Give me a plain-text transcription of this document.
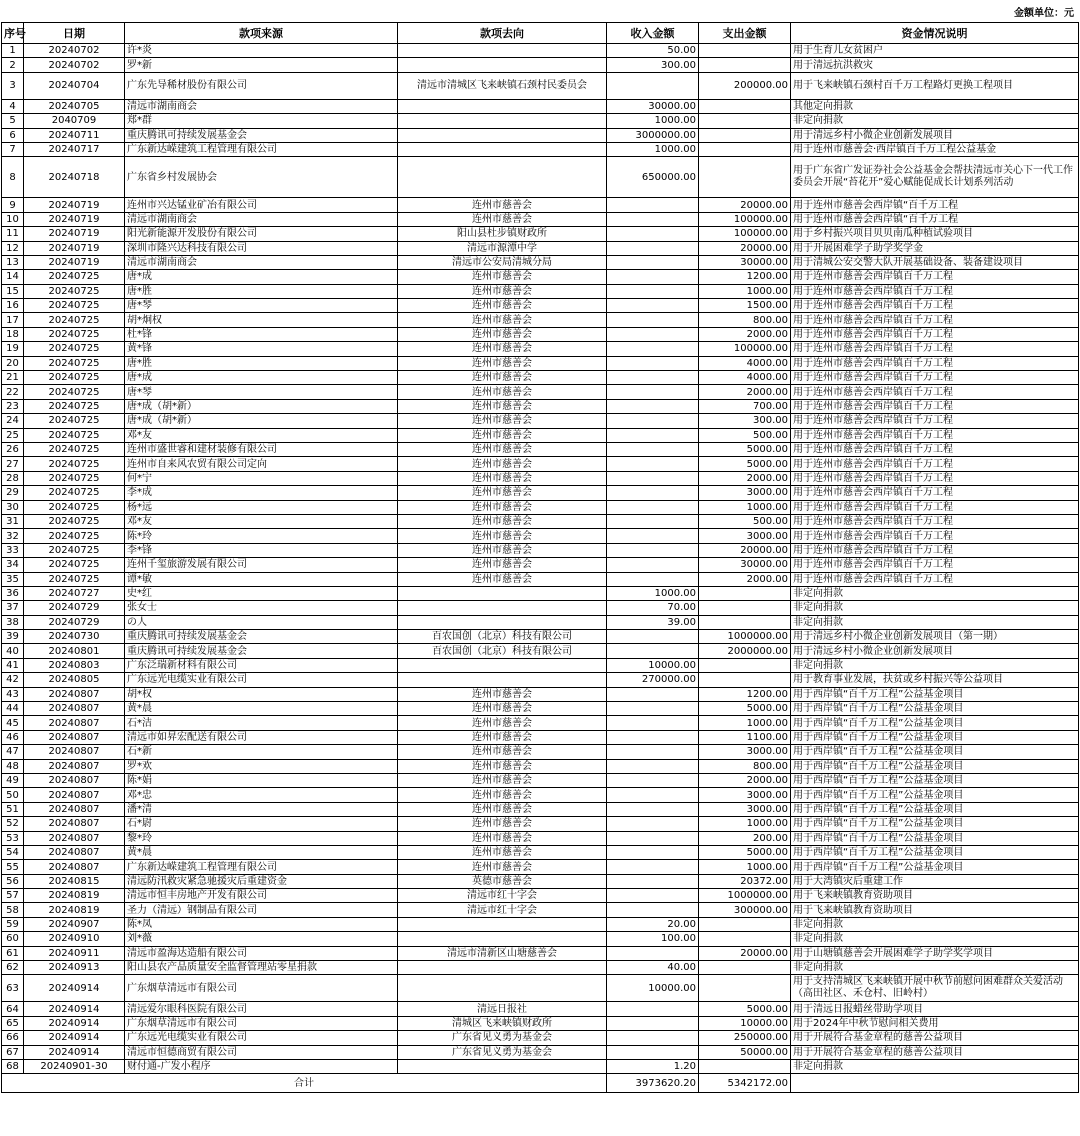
金额单位：元
序号	日期	款项来源	款项去向	收入金额	支出金额	资金情况说明
1	20240702	许*炎		50.00		用于生育儿女贫困户
2	20240702	罗*新		300.00		用于清远抗洪救灾
3	20240704	广东先导稀材股份有限公司	清远市清城区飞来峡镇石颈村民委员会		200000.00	用于飞来峡镇石颈村百千万工程路灯更换工程项目
4	20240705	清远市湖南商会		30000.00		其他定向捐款
5	2040709	郑*群		1000.00		非定向捐款
6	20240711	重庆腾讯可持续发展基金会		3000000.00		用于清远乡村小微企业创新发展项目
7	20240717	广东新达嵘建筑工程管理有限公司		1000.00		用于连州市慈善会·西岸镇百千万工程公益基金
8	20240718	广东省乡村发展协会		650000.00		用于广东省广发证券社会公益基金会帮扶清远市关心下一代工作委员会开展“苔花开”爱心赋能促成长计划系列活动
9	20240719	连州市兴达锰业矿冶有限公司	连州市慈善会		20000.00	用于连州市慈善会西岸镇“百千万工程
10	20240719	清远市湖南商会	连州市慈善会		100000.00	用于连州市慈善会西岸镇“百千万工程
11	20240719	阳光新能源开发股份有限公司	阳山县杜步镇财政所		100000.00	用于乡村振兴项目贝贝南瓜种植试验项目
12	20240719	深圳市隆兴达科技有限公司	清远市源潭中学		20000.00	用于开展困难学子助学奖学金
13	20240719	清远市湖南商会	清远市公安局清城分局		30000.00	用于清城公安交警大队开展基础设备、装备建设项目
14	20240725	唐*成	连州市慈善会		1200.00	用于连州市慈善会西岸镇百千万工程
15	20240725	唐*胜	连州市慈善会		1000.00	用于连州市慈善会西岸镇百千万工程
16	20240725	唐*琴	连州市慈善会		1500.00	用于连州市慈善会西岸镇百千万工程
17	20240725	胡*炯权	连州市慈善会		800.00	用于连州市慈善会西岸镇百千万工程
18	20240725	杜*锋	连州市慈善会		2000.00	用于连州市慈善会西岸镇百千万工程
19	20240725	黄*锋	连州市慈善会		100000.00	用于连州市慈善会西岸镇百千万工程
20	20240725	唐*胜	连州市慈善会		4000.00	用于连州市慈善会西岸镇百千万工程
21	20240725	唐*成	连州市慈善会		4000.00	用于连州市慈善会西岸镇百千万工程
22	20240725	唐*琴	连州市慈善会		2000.00	用于连州市慈善会西岸镇百千万工程
23	20240725	唐*成（胡*新）	连州市慈善会		700.00	用于连州市慈善会西岸镇百千万工程
24	20240725	唐*成（胡*新）	连州市慈善会		300.00	用于连州市慈善会西岸镇百千万工程
25	20240725	邓*友	连州市慈善会		500.00	用于连州市慈善会西岸镇百千万工程
26	20240725	连州市盛世睿和建材装修有限公司	连州市慈善会		5000.00	用于连州市慈善会西岸镇百千万工程
27	20240725	连州市自来风农贸有限公司定向	连州市慈善会		5000.00	用于连州市慈善会西岸镇百千万工程
28	20240725	何*宁	连州市慈善会		2000.00	用于连州市慈善会西岸镇百千万工程
29	20240725	李*成	连州市慈善会		3000.00	用于连州市慈善会西岸镇百千万工程
30	20240725	杨*远	连州市慈善会		1000.00	用于连州市慈善会西岸镇百千万工程
31	20240725	邓*友	连州市慈善会		500.00	用于连州市慈善会西岸镇百千万工程
32	20240725	陈*玲	连州市慈善会		3000.00	用于连州市慈善会西岸镇百千万工程
33	20240725	李*锋	连州市慈善会		20000.00	用于连州市慈善会西岸镇百千万工程
34	20240725	连州千玺旅游发展有限公司	连州市慈善会		30000.00	用于连州市慈善会西岸镇百千万工程
35	20240725	谭*敏	连州市慈善会		2000.00	用于连州市慈善会西岸镇百千万工程
36	20240727	史*红		1000.00		非定向捐款
37	20240729	张女士		70.00		非定向捐款
38	20240729	の人		39.00		非定向捐款
39	20240730	重庆腾讯可持续发展基金会	百农国创（北京）科技有限公司		1000000.00	用于清远乡村小微企业创新发展项目（第一期）
40	20240801	重庆腾讯可持续发展基金会	百农国创（北京）科技有限公司		2000000.00	用于清远乡村小微企业创新发展项目
41	20240803	广东泛瑞新材料有限公司		10000.00		非定向捐款
42	20240805	广东远光电缆实业有限公司		270000.00		用于教育事业发展，扶贫或乡村振兴等公益项目
43	20240807	胡*权	连州市慈善会		1200.00	用于西岸镇“百千万工程”公益基金项目
44	20240807	黄*晨	连州市慈善会		5000.00	用于西岸镇“百千万工程”公益基金项目
45	20240807	石*洁	连州市慈善会		1000.00	用于西岸镇“百千万工程”公益基金项目
46	20240807	清远市如昇宏配送有限公司	连州市慈善会		1100.00	用于西岸镇“百千万工程”公益基金项目
47	20240807	石*新	连州市慈善会		3000.00	用于西岸镇“百千万工程”公益基金项目
48	20240807	罗*欢	连州市慈善会		800.00	用于西岸镇“百千万工程”公益基金项目
49	20240807	陈*娟	连州市慈善会		2000.00	用于西岸镇“百千万工程”公益基金项目
50	20240807	邓*忠	连州市慈善会		3000.00	用于西岸镇“百千万工程”公益基金项目
51	20240807	潘*清	连州市慈善会		3000.00	用于西岸镇“百千万工程”公益基金项目
52	20240807	石*尉	连州市慈善会		1000.00	用于西岸镇“百千万工程”公益基金项目
53	20240807	黎*玲	连州市慈善会		200.00	用于西岸镇“百千万工程”公益基金项目
54	20240807	黄*晨	连州市慈善会		5000.00	用于西岸镇“百千万工程”公益基金项目
55	20240807	广东新达嵘建筑工程管理有限公司	连州市慈善会		1000.00	用于西岸镇“百千万工程”公益基金项目
56	20240815	清远防汛救灾紧急驰援灾后重建资金	英德市慈善会		20372.00	用于大湾镇灾后重建工作
57	20240819	清远市恒丰房地产开发有限公司	清远市红十字会		1000000.00	用于飞来峡镇教育资助项目
58	20240819	圣力（清远）钢制品有限公司	清远市红十字会		300000.00	用于飞来峡镇教育资助项目
59	20240907	陈*凤		20.00		非定向捐款
60	20240910	刘*薇		100.00		非定向捐款
61	20240911	清远市盈海达造船有限公司	清远市清新区山塘慈善会		20000.00	用于山塘镇慈善会开展困难学子助学奖学项目
62	20240913	阳山县农产品质量安全监督管理站零星捐款		40.00		非定向捐款
63	20240914	广东烟草清远市有限公司		10000.00		用于支持清城区飞来峡镇开展中秋节前慰问困难群众关爱活动（高田社区、禾仓村、旧岭村）
64	20240914	清远爱尔眼科医院有限公司	清远日报社		5000.00	用于清远日报蜡丝带助学项目
65	20240914	广东烟草清远市有限公司	清城区飞来峡镇财政所		10000.00	用于2024年中秋节慰问相关费用
66	20240914	广东远光电缆实业有限公司	广东省见义勇为基金会		250000.00	用于开展符合基金章程的慈善公益项目
67	20240914	清远市恒德商贸有限公司	广东省见义勇为基金会		50000.00	用于开展符合基金章程的慈善公益项目
68	20240901-30	财付通-广发小程序		1.20		非定向捐款
合计				3973620.20	5342172.00	
